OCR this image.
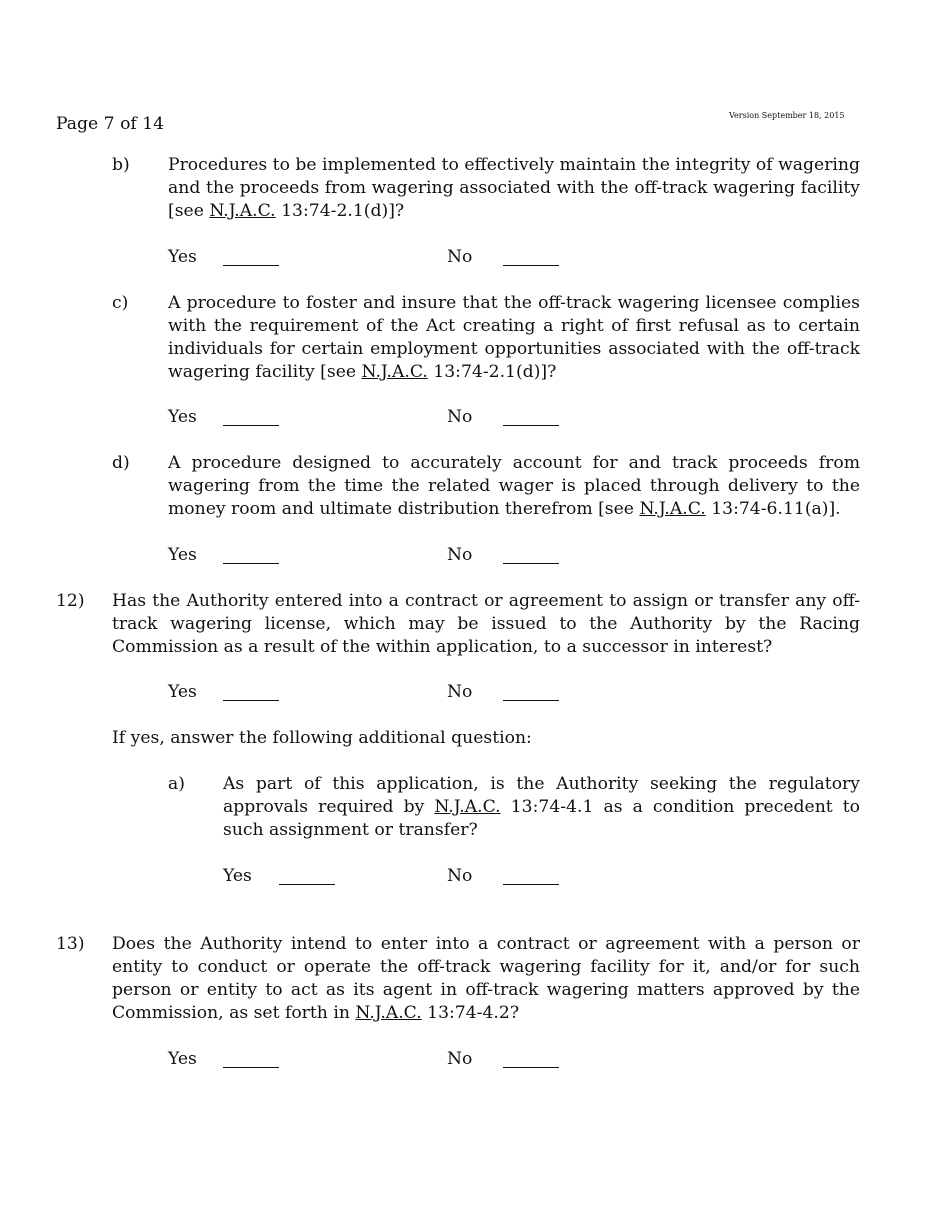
Page 7 of 14	Version September 18, 2015
b) Procedures to be implemented to effectively maintain the integrity of wagering and the proceeds from wagering associated with the off-track wagering facility [see N.J.A.C. 13:74-2.1(d)]?
Yes	No
c) A procedure to foster and insure that the off-track wagering licensee complies with the requirement of the Act creating a right of first refusal as to certain individuals for certain employment opportunities associated with the off-track wagering facility [see N.J.A.C. 13:74-2.1(d)]?
Yes	No
d) A procedure designed to accurately account for and track proceeds from wagering from the time the related wager is placed through delivery to the money room and ultimate distribution therefrom [see N.J.A.C. 13:74-6.11(a)].
Yes	No
12) Has the Authority entered into a contract or agreement to assign or transfer any off-track wagering license, which may be issued to the Authority by the Racing Commission as a result of the within application, to a successor in interest?
Yes	No
If yes, answer the following additional question:
a) As part of this application, is the Authority seeking the regulatory approvals required by N.J.A.C. 13:74-4.1 as a condition precedent to such assignment or transfer?
Yes	No
13) Does the Authority intend to enter into a contract or agreement with a person or entity to conduct or operate the off-track wagering facility for it, and/or for such person or entity to act as its agent in off-track wagering matters approved by the Commission, as set forth in N.J.A.C. 13:74-4.2?
Yes	No
